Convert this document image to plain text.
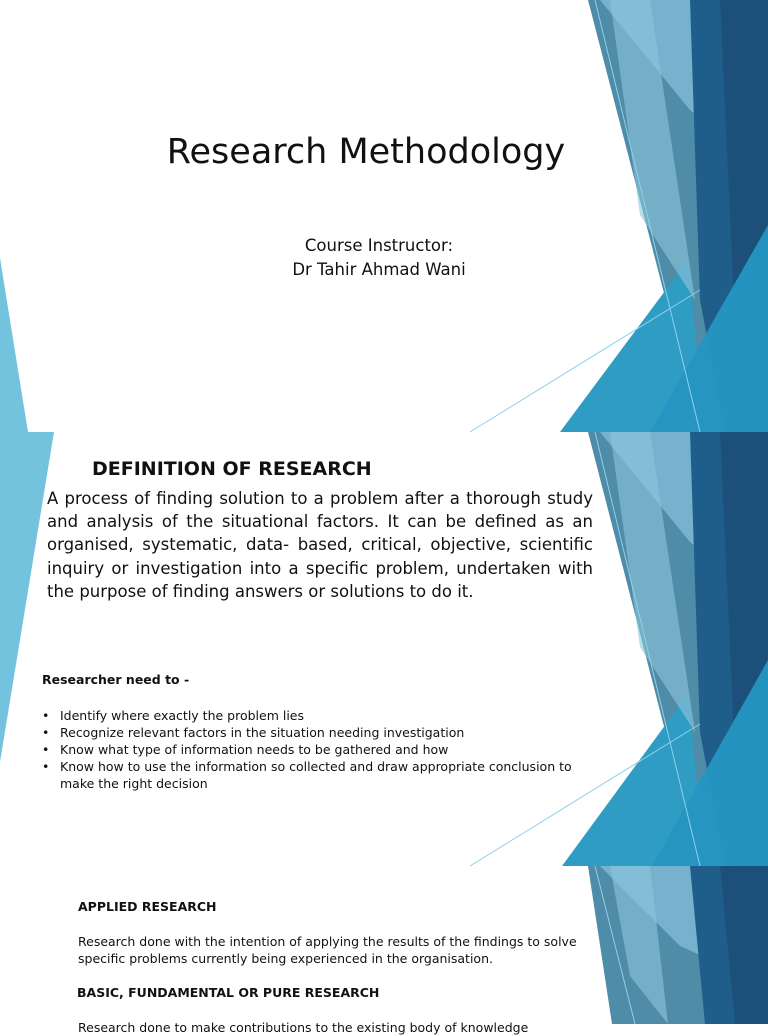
Research Methodology
Course Instructor:
Dr Tahir Ahmad Wani
DEFINITION OF RESEARCH
A process of finding solution to a problem after a thorough study and analysis of the situational factors. It can be defined as an organised, systematic, data- based, critical, objective, scientific inquiry or investigation into a specific problem, undertaken with the purpose of finding answers or solutions to do it.
Researcher need to -
• Identify where exactly the problem lies
• Recognize relevant factors in the situation needing investigation
• Know what type of information needs to be gathered and how
• Know how to use the information so collected and draw appropriate conclusion to make the right decision
APPLIED RESEARCH
Research done with the intention of applying the results of the findings to solve specific problems currently being experienced in the organisation.
BASIC, FUNDAMENTAL OR PURE RESEARCH
Research done to make contributions to the existing body of knowledge
